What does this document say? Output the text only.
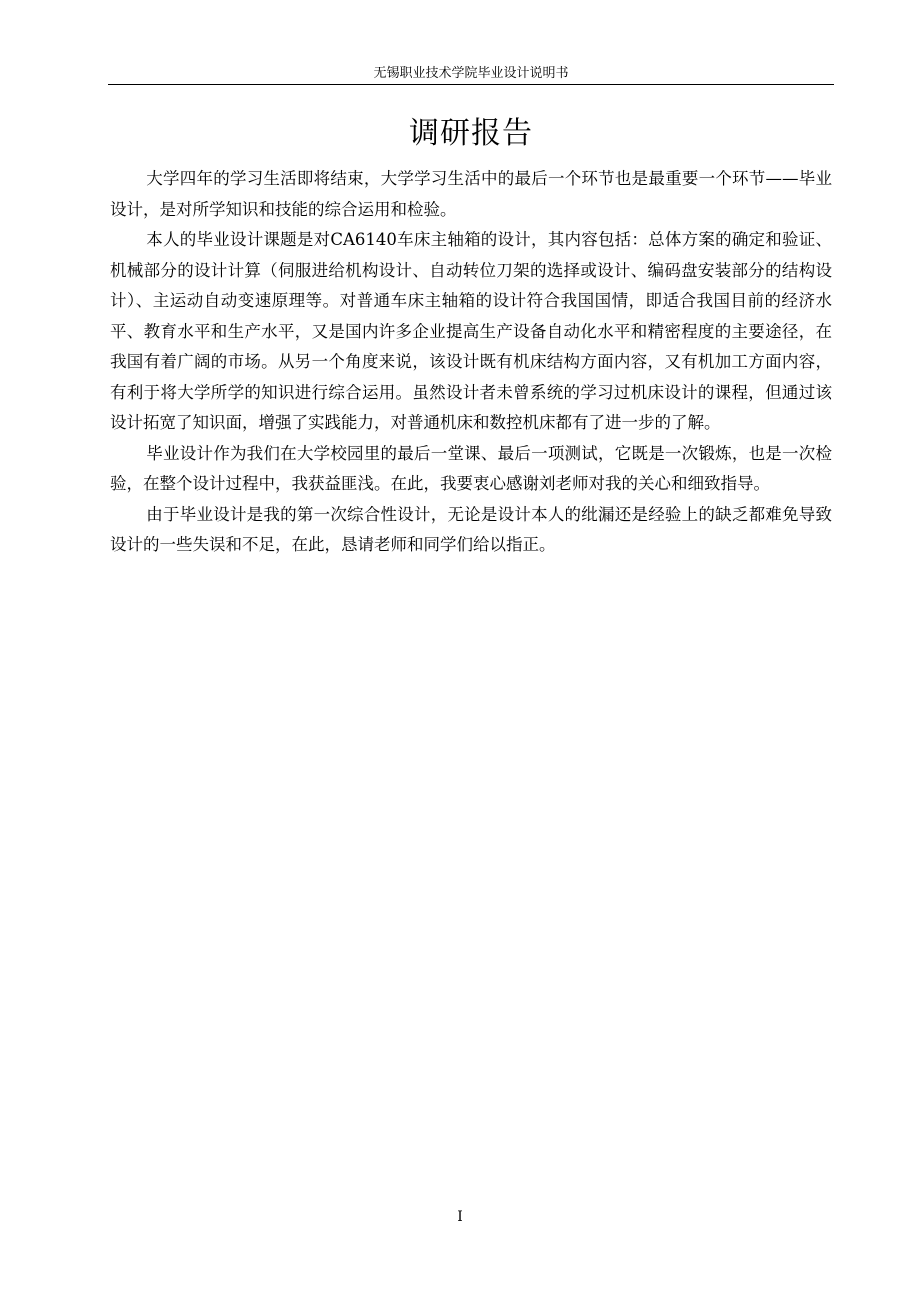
无锡职业技术学院毕业设计说明书
调研报告

大学四年的学习生活即将结束，大学学习生活中的最后一个环节也是最重要一个环节——毕业设计，是对所学知识和技能的综合运用和检验。

本人的毕业设计课题是对CA6140车床主轴箱的设计，其内容包括：总体方案的确定和验证、机械部分的设计计算（伺服进给机构设计、自动转位刀架的选择或设计、编码盘安装部分的结构设计）、主运动自动变速原理等。对普通车床主轴箱的设计符合我国国情，即适合我国目前的经济水平、教育水平和生产水平，又是国内许多企业提高生产设备自动化水平和精密程度的主要途径，在我国有着广阔的市场。从另一个角度来说，该设计既有机床结构方面内容，又有机加工方面内容，有利于将大学所学的知识进行综合运用。虽然设计者未曾系统的学习过机床设计的课程，但通过该设计拓宽了知识面，增强了实践能力，对普通机床和数控机床都有了进一步的了解。

毕业设计作为我们在大学校园里的最后一堂课、最后一项测试，它既是一次锻炼，也是一次检验，在整个设计过程中，我获益匪浅。在此，我要衷心感谢刘老师对我的关心和细致指导。

由于毕业设计是我的第一次综合性设计，无论是设计本人的纰漏还是经验上的缺乏都难免导致设计的一些失误和不足，在此，恳请老师和同学们给以指正。

I
